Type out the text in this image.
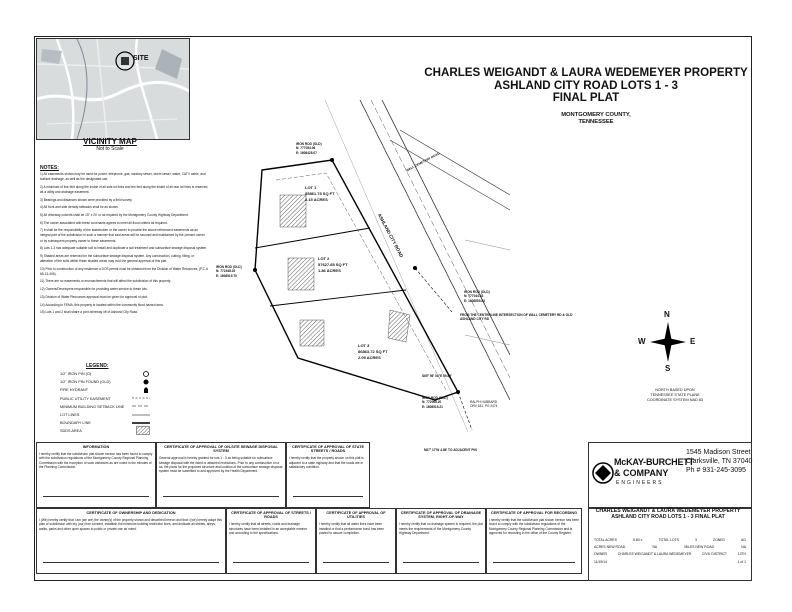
SITE
VICINITY MAP
Not to Scale
NOTES:
1) All easements shown may be used for power, telephone, gas, sanitary sewer, storm sewer, water, CATV cable, and surface drainage, as well as the designated use.
2) A minimum of five feet along the inside of all side lot lines and ten feet along the inside of all rear lot lines is reserved as a utility and drainage easement.
3) Bearings and distances shown were provided by a field survey.
4) All front and side density setbacks shall be as shown.
5) All driveway culverts shall be 15" x 20' or as required by the Montgomery County Highway Department.
6) The owner associated with these covenants agrees to meet all flood criteria as required.
7) It shall be the responsibility of the stakeholder or the owner to provide the above referenced easements as an integral part of the subdivision in such a manner that said areas will be secured and maintained by the present owner or by subsequent property owner to these easements.
8) Lots 1-3 has adequate suitable soil to install and duplicate a soil treatment and subsurface sewage disposal system.
9) Shaded areas are reserved for the subsurface sewage disposal system. Any construction, cutting, filling, or alteration of the soils within these shaded areas may void the general approval of this plat.
10) Prior to construction of any residence a DOS permit must be obtained from the Division of Water Resources, (P.C.A 68-13-406).
11) There are no easements or encroachments that will affect the subdivision of this property.
12) Owners/Developers responsible for providing water service to these lots.
13) Division of Water Resources approval must be given for approval of plat.
14) According to FEMA, this property is located within the community flood hazard area.
15) Lots 1 and 2 shall share a joint driveway off of Ashland City Road.
LEGEND:
1/2" IRON PIN (O)
1/2" IRON PIN FOUND (OLD)
FIRE HYDRANT
PUBLIC UTILITY EASEMENT
MINIMUM BUILDING SETBACK LINE
LOT LINES
BOUNDARY LINE
SDDS AREA
CHARLES WEIGANDT & LAURA WEDEMEYER PROPERTY
ASHLAND CITY ROAD LOTS 1 - 3
FINAL PLAT
MONTGOMERY COUNTY,
TENNESSEE
LOT 1
85861.78 SQ FT
2.15 ACRES
LOT 2
57627.85 SQ FT
1.86 ACRES
LOT 3
86863.72 SQ FT
2.09 ACRES
IRON ROD (OLD)
N: 777054.06
E: 1608428.07
IRON ROD (OLD)
N: 772448.02
E: 1608519.70
IRON ROD (OLD)
N: 772068.20
E: 1608515.21
IRON ROD (OLD)
N: 777044.33
E: 1608853.83
FROM THE CENTERLINE INTERSECTION OF WALL CEMETERY RD & OLD ASHLAND CITY RD
WALL CEMETERY ROAD
ASHLAND CITY ROAD
S65° 56' 00"E 59.89'
N67° 17'W 4.86' TO ADJACENT PIN
RALPH HUBBARD
ORV 181, PG 2474
N
S
E
W
NORTH BASED UPON
TENNESSEE STATE PLANE
COORDINATE SYSTEM NAD 83
INFORMATION
I hereby certify that the subdivision plat shown hereon has been found to comply with the subdivision regulations of the Montgomery County Regional Planning Commission with the exception of such variances as are noted in the minutes of the Planning Commission.
CERTIFICATE OF APPROVAL OF ON-SITE SEWAGE DISPOSAL SYSTEM
General approval is hereby granted for lots 1 - 3 as being suitable for subsurface sewage disposal with the listed or attached restrictions. Prior to any construction on a lot, the plans for the proposed structure and location of the subsurface sewage disposal system must be submitted to and approved by the Health Department.
CERTIFICATE OF APPROVAL OF STATE STREETS / ROADS
I hereby certify that the property shown on this plat is adjacent to a state highway and that the roads are in satisfactory condition.
CERTIFICATE OF OWNERSHIP AND DEDICATION
I (We) hereby certify that I am (we are) the owner(s) of the property shown and described hereon and that I (we) hereby adopt this plan of subdivision with my (our) free consent, establish the minimum building restriction lines, and dedicate all streets, alleys, walks, parks and other open spaces to public or private use as noted.
CERTIFICATE OF APPROVAL OF STREETS / ROADS
I hereby certify that all streets, roads and drainage structures have been installed in an acceptable manner and according to the specifications.
CERTIFICATE OF APPROVAL OF UTILITIES
I hereby certify that all water lines have been installed or that a performance bond has been posted to assure completion.
CERTIFICATE OF APPROVAL OF DRAINAGE SYSTEM, RIGHT-OF-WAY
I hereby certify that no drainage system is required, the plat meets the requirements of the Montgomery County Highway Department.
CERTIFICATE OF APPROVAL FOR RECORDING
I hereby certify that the subdivision plat shown hereon has been found to comply with the subdivision regulations of the Montgomery County Regional Planning Commission and is approved for recording in the office of the County Register.
McKAY-BURCHETT
& COMPANY
ENGINEERS
1545 Madison Street
Clarksville, TN 37040
Ph # 931-245-3095
CHARLES WEIGANDT & LAURA WEDEMEYER PROPERTY
ASHLAND CITY ROAD LOTS 1 - 3 FINAL PLAT
TOTAL ACRES	5.80 ±	TOTAL LOTS	3	ZONED	AG
ACRES NEW ROAD	NA	MILES NEW ROAD	NA
OWNER	CHARLES WEIGANDT & LAURA WEDEMEYER	CIVIL DISTRICT	13TH
11/19/14	1 of 1
